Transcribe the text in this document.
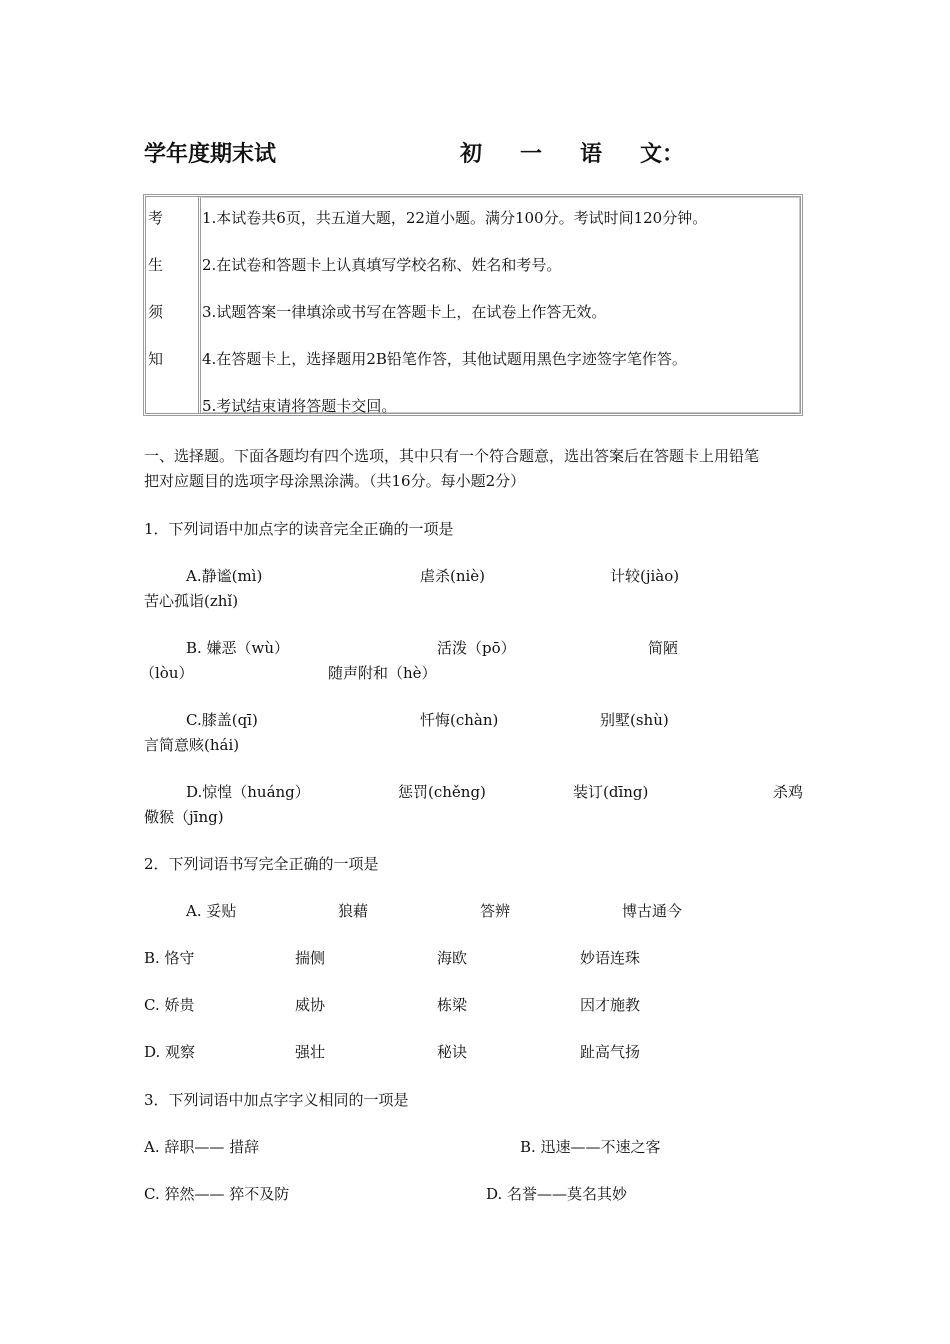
学年度期末试	初 一 语 文：
考
生
须
知
1.本试卷共6页，共五道大题，22道小题。满分100分。考试时间120分钟。
2.在试卷和答题卡上认真填写学校名称、姓名和考号。
3.试题答案一律填涂或书写在答题卡上，在试卷上作答无效。
4.在答题卡上，选择题用2B铅笔作答，其他试题用黑色字迹签字笔作答。
5.考试结束请将答题卡交回。
一、选择题。下面各题均有四个选项，其中只有一个符合题意，选出答案后在答题卡上用铅笔
把对应题目的选项字母涂黑涂满。（共16分。每小题2分）
1．下列词语中加点字的读音完全正确的一项是
A.静谧(mì)	虐杀(niè)	计较(jiào)
苦心孤诣(zhǐ)
B. 嫌恶（wù）	活泼（pō）	简陋
（lòu）	随声附和（hè）
C.膝盖(qī)	忏悔(chàn)	别墅(shù)
言简意赅(hái)
D.惊惶（huáng）	惩罚(chěng)	装订(dīng)	杀鸡
儆猴（jīng)
2．下列词语书写完全正确的一项是
A. 妥贴	狼藉	答辨	博古通今
B. 恪守	揣侧	海欧	妙语连珠
C. 娇贵	威协	栋梁	因才施教
D. 观察	强壮	秘诀	趾高气扬
3．下列词语中加点字字义相同的一项是
A. 辞职—— 措辞	B. 迅速——不速之客
C. 猝然—— 猝不及防	D. 名誉——莫名其妙
